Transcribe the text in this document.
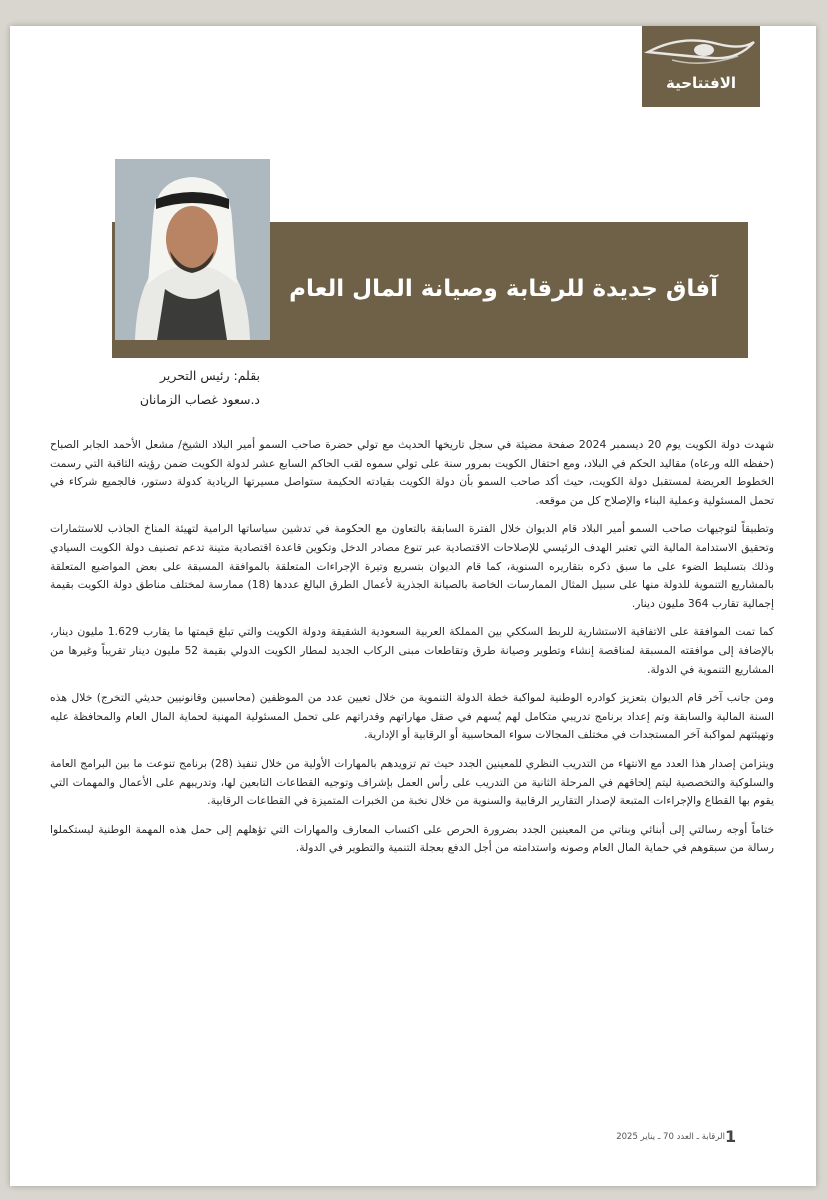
الافتتاحية
آفاق جديدة للرقابة وصيانة المال العام
بقلم: رئيس التحرير
د.سعود غصاب الزمانان

شهدت دولة الكويت يوم 20 ديسمبر 2024 صفحة مضيئة في سجل تاريخها الحديث مع تولي حضرة صاحب السمو أمير البلاد الشيخ/ مشعل الأحمد الجابر الصباح (حفظه الله ورعاه) مقاليد الحكم في البلاد، ومع احتفال الكويت بمرور سنة على تولي سموه لقب الحاكم السابع عشر لدولة الكويت ضمن رؤيته الثاقبة التي رسمت الخطوط العريضة لمستقبل دولة الكويت، حيث أكد صاحب السمو بأن دولة الكويت بقيادته الحكيمة ستواصل مسيرتها الريادية كدولة دستور، فالجميع شركاء في تحمل المسئولية وعملية البناء والإصلاح كل من موقعه.

وتطبيقاً لتوجيهات صاحب السمو أمير البلاد قام الديوان خلال الفترة السابقة بالتعاون مع الحكومة في تدشين سياساتها الرامية لتهيئة المناخ الجاذب للاستثمارات وتحقيق الاستدامة المالية التي تعتبر الهدف الرئيسي للإصلاحات الاقتصادية عبر تنوع مصادر الدخل وتكوين قاعدة اقتصادية متينة تدعم تصنيف دولة الكويت السيادي وذلك بتسليط الضوء على ما سبق ذكره بتقاريره السنوية، كما قام الديوان بتسريع وتيرة الإجراءات المتعلقة بالموافقة المسبقة على بعض المواضيع المتعلقة بالمشاريع التنموية للدولة منها على سبيل المثال الممارسات الخاصة بالصيانة الجذرية لأعمال الطرق البالغ عددها (18) ممارسة لمختلف مناطق دولة الكويت بقيمة إجمالية تقارب 364 مليون دينار.

كما تمت الموافقة على الاتفاقية الاستشارية للربط السككي بين المملكة العربية السعودية الشقيقة ودولة الكويت والتي تبلغ قيمتها ما يقارب 1.629 مليون دينار، بالإضافة إلى موافقته المسبقة لمناقصة إنشاء وتطوير وصيانة طرق وتقاطعات مبنى الركاب الجديد لمطار الكويت الدولي بقيمة 52 مليون دينار تقريباً وغيرها من المشاريع التنموية في الدولة.

ومن جانب آخر قام الديوان بتعزيز كوادره الوطنية لمواكبة خطة الدولة التنموية من خلال تعيين عدد من الموظفين (محاسبين وقانونيين حديثي التخرج) خلال هذه السنة المالية والسابقة وتم إعداد برنامج تدريبي متكامل لهم يُسهم في صقل مهاراتهم وقدراتهم على تحمل المسئولية المهنية لحماية المال العام والمحافظة عليه وتهيئتهم لمواكبة آخر المستجدات في مختلف المجالات سواء المحاسبية أو الرقابية أو الإدارية.

ويتزامن إصدار هذا العدد مع الانتهاء من التدريب النظري للمعينين الجدد حيث تم تزويدهم بالمهارات الأولية من خلال تنفيذ (28) برنامج تنوعت ما بين البرامج العامة والسلوكية والتخصصية ليتم إلحاقهم في المرحلة الثانية من التدريب على رأس العمل بإشراف وتوجيه القطاعات التابعين لها، وتدريبهم على الأعمال والمهمات التي يقوم بها القطاع والإجراءات المتبعة لإصدار التقارير الرقابية والسنوية من خلال نخبة من الخبرات المتميزة في القطاعات الرقابية.

ختاماً أوجه رسالتي إلى أبنائي وبناتي من المعينين الجدد بضرورة الحرص على اكتساب المعارف والمهارات التي تؤهلهم إلى حمل هذه المهمة الوطنية ليستكملوا رسالة من سبقوهم في حماية المال العام وصونه واستدامته من أجل الدفع بعجلة التنمية والتطوير في الدولة.

الرقابة ـ العدد 70 ـ يناير 2025 1
